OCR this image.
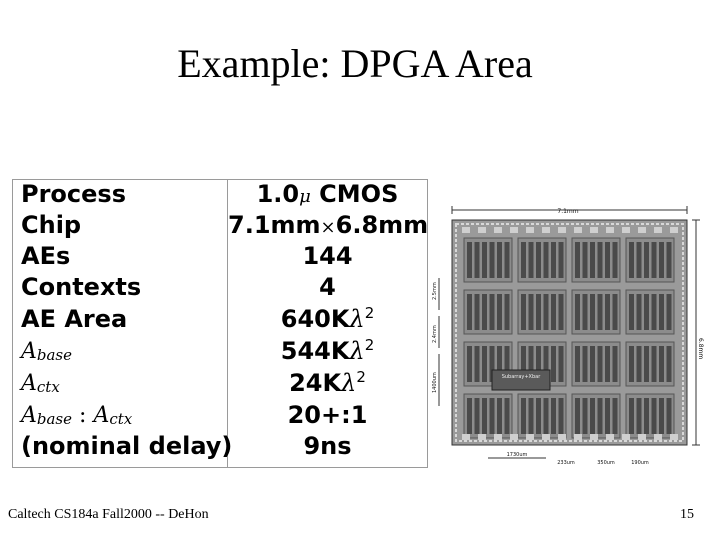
Example: DPGA Area
Process	1.0μ CMOS
Chip	7.1mm×6.8mm
AEs	144
Contexts	4
AE Area	$640K\lambda^2$
$A_{base}$	$544K\lambda^2$
$A_{ctx}$	$24K\lambda^2$
$A_{base}$ : $A_{ctx}$	20+:1
(nominal delay)	9ns
7.1mm
6.8mm
2.5mm
2.4mm
1400um
1730um
233um	350um	190um
Subarray+Xbar
Caltech CS184a Fall2000 -- DeHon	15
